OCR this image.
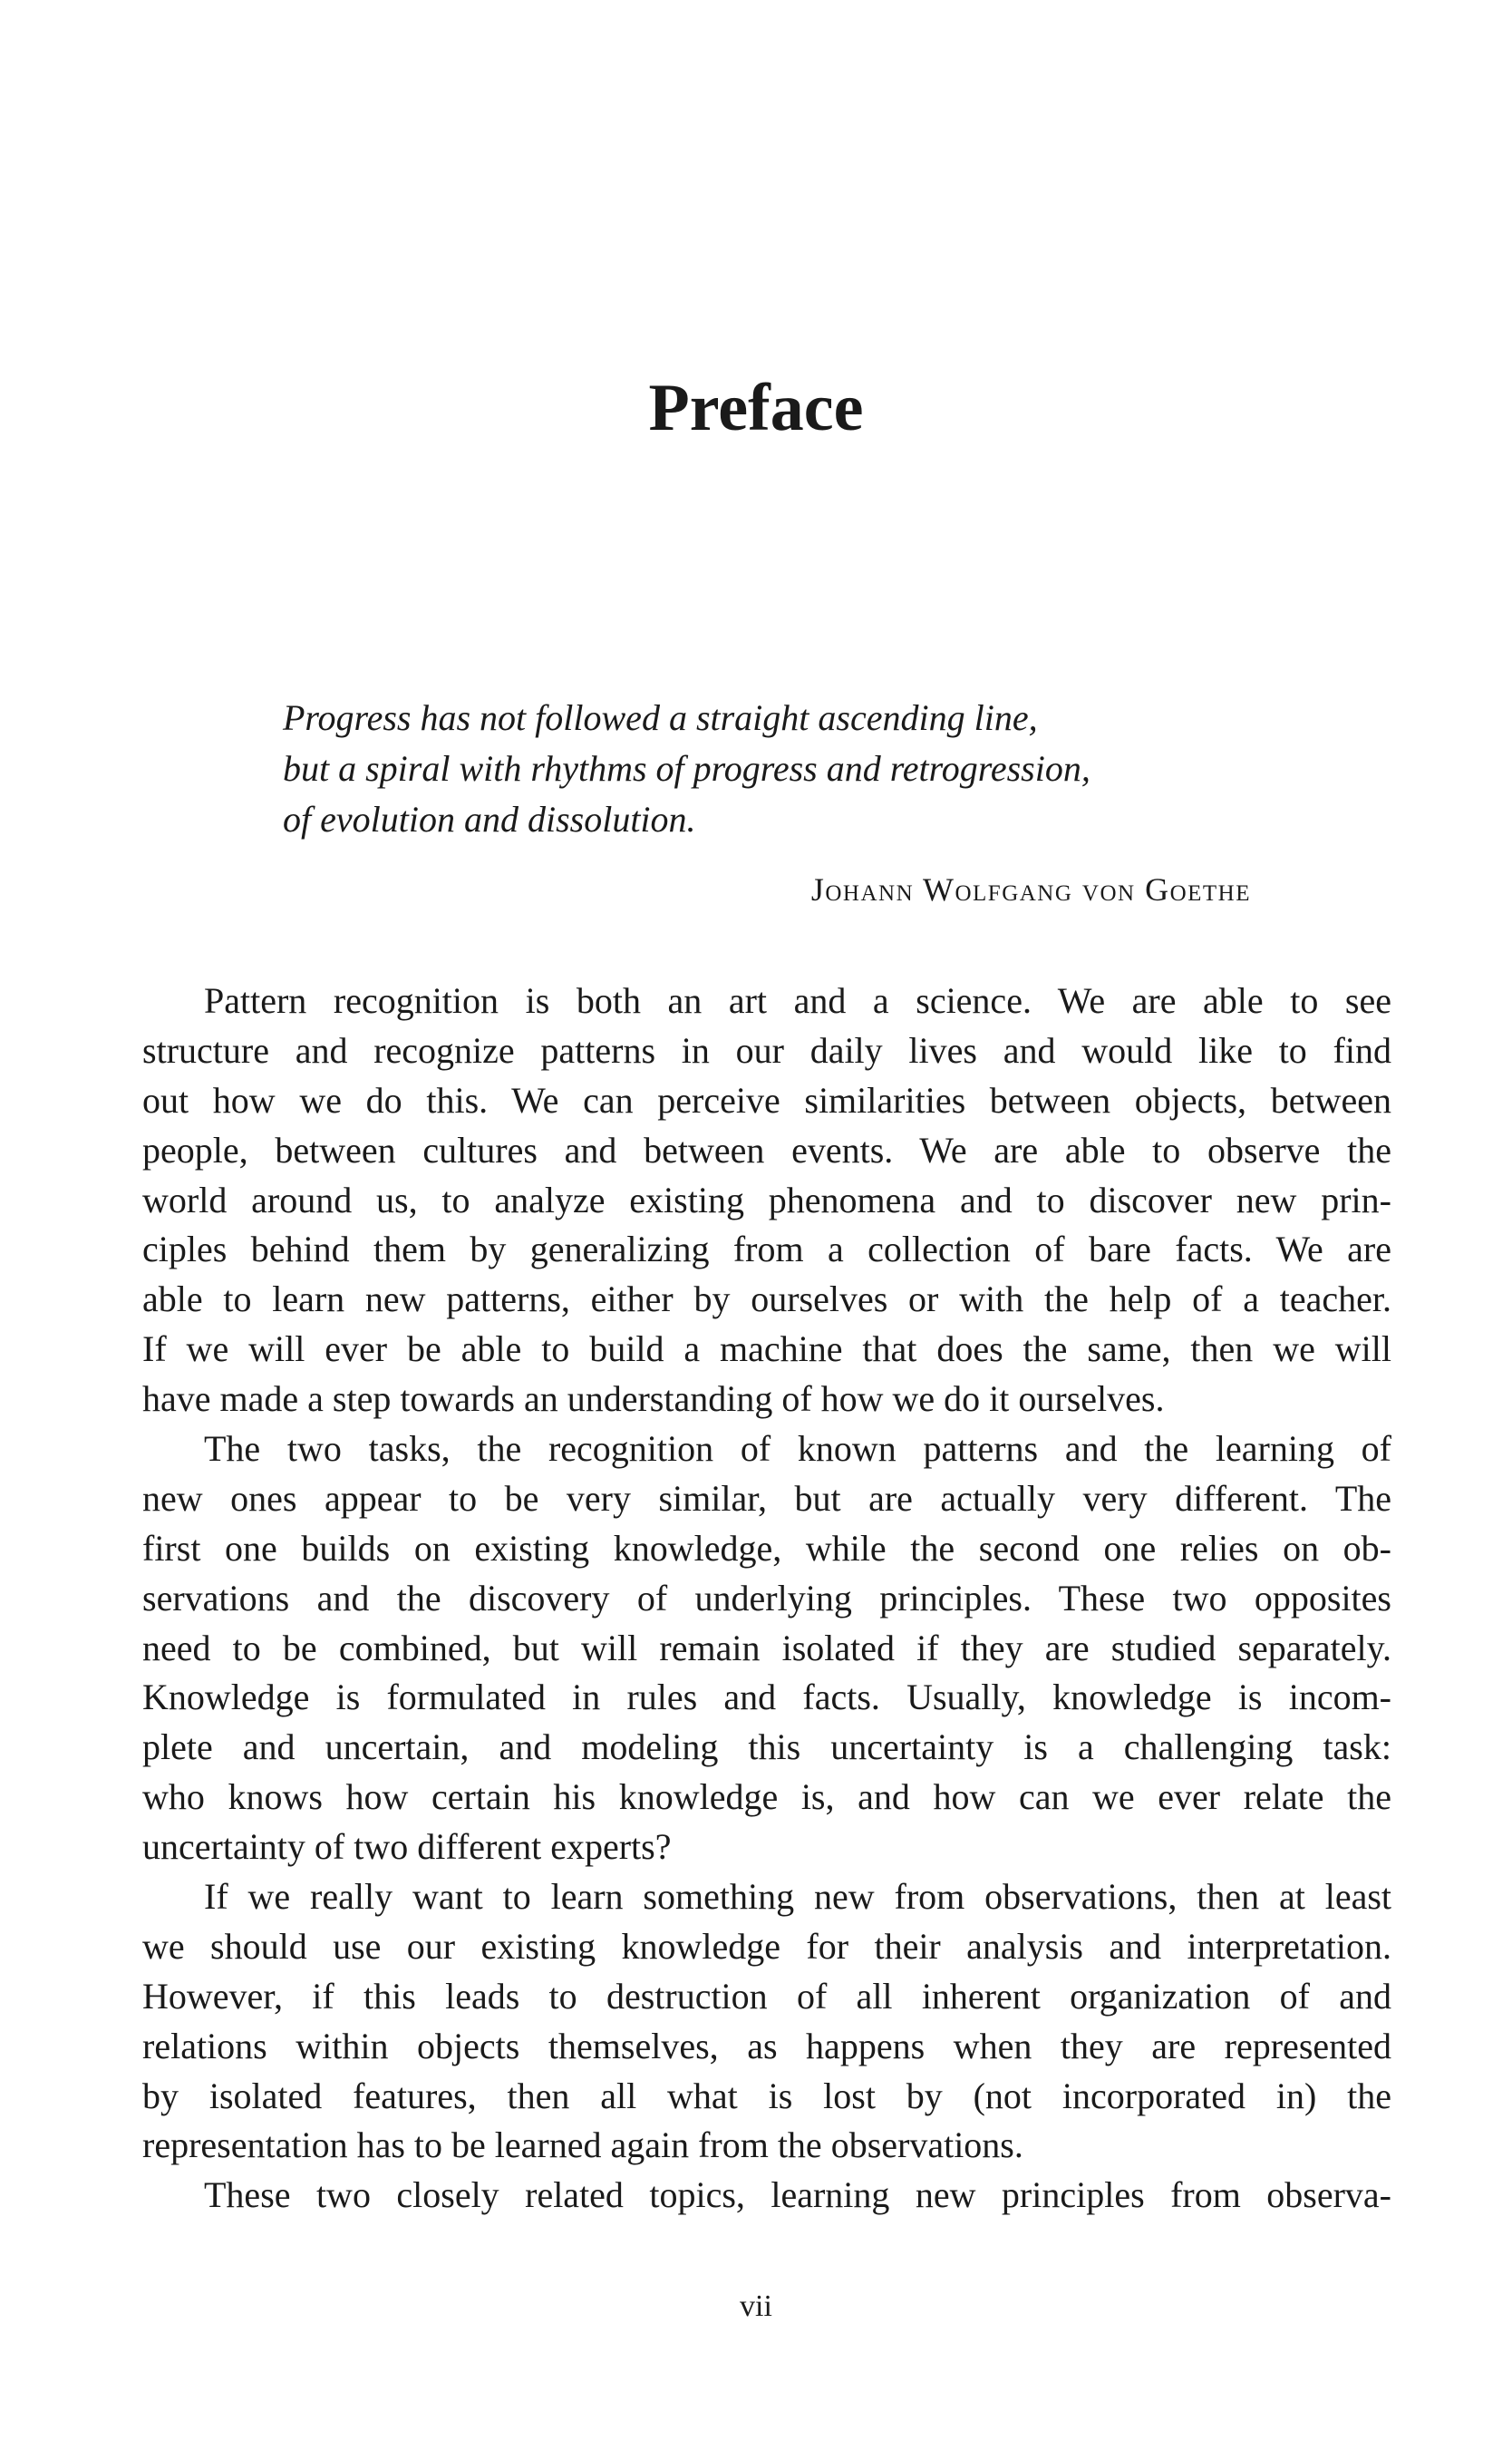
Preface
Progress has not followed a straight ascending line,
but a spiral with rhythms of progress and retrogression,
of evolution and dissolution.
Johann Wolfgang von Goethe
Pattern recognition is both an art and a science. We are able to see
structure and recognize patterns in our daily lives and would like to find
out how we do this. We can perceive similarities between objects, between
people, between cultures and between events. We are able to observe the
world around us, to analyze existing phenomena and to discover new prin-
ciples behind them by generalizing from a collection of bare facts. We are
able to learn new patterns, either by ourselves or with the help of a teacher.
If we will ever be able to build a machine that does the same, then we will
have made a step towards an understanding of how we do it ourselves.
The two tasks, the recognition of known patterns and the learning of
new ones appear to be very similar, but are actually very different. The
first one builds on existing knowledge, while the second one relies on ob-
servations and the discovery of underlying principles. These two opposites
need to be combined, but will remain isolated if they are studied separately.
Knowledge is formulated in rules and facts. Usually, knowledge is incom-
plete and uncertain, and modeling this uncertainty is a challenging task:
who knows how certain his knowledge is, and how can we ever relate the
uncertainty of two different experts?
If we really want to learn something new from observations, then at least
we should use our existing knowledge for their analysis and interpretation.
However, if this leads to destruction of all inherent organization of and
relations within objects themselves, as happens when they are represented
by isolated features, then all what is lost by (not incorporated in) the
representation has to be learned again from the observations.
These two closely related topics, learning new principles from observa-
vii
